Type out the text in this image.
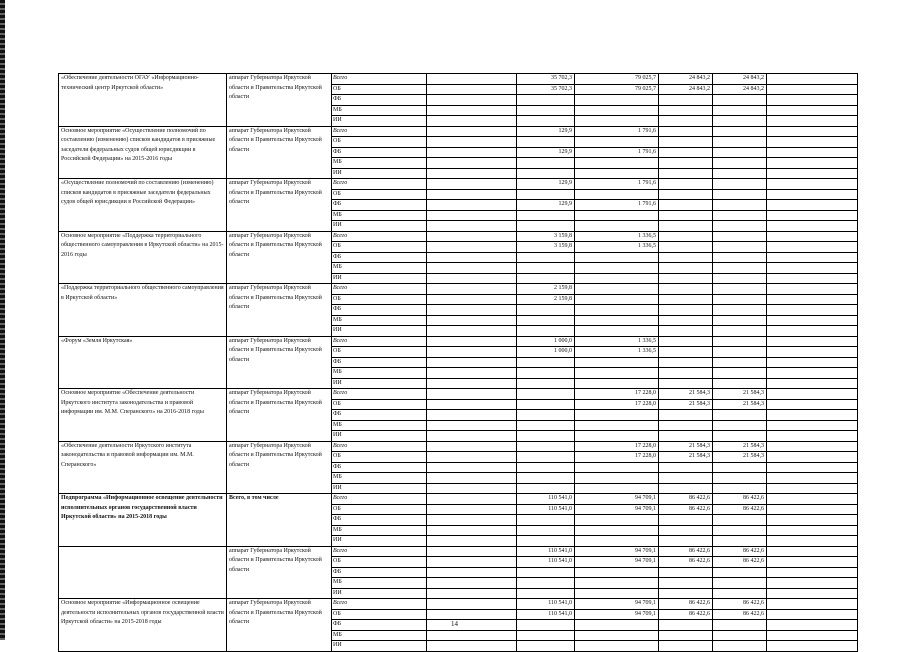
«Обеспечение деятельности ОГАУ «Информационно-технический центр Иркутской области»	аппарат Губернатора Иркутской области и Правительства Иркутской области	Всего		35 702,3	79 025,7	24 843,2	24 843,2	
		ОБ		35 702,3	79 025,7	24 843,2	24 843,2	
		ФБ						
		МБ						
		ИИ						
Основное мероприятие «Осуществление полномочий по составлению (изменению) списков кандидатов в присяжные заседатели федеральных судов общей юрисдикции в Российской Федерации» на 2015-2016 годы	аппарат Губернатора Иркутской области и Правительства Иркутской области	Всего		129,9	1 791,6			
		ОБ						
		ФБ		129,9	1 791,6			
		МБ						
		ИИ						
«Осуществление полномочий по составлению (изменению) списков кандидатов в присяжные заседатели федеральных судов общей юрисдикции в Российской Федерации»	аппарат Губернатора Иркутской области и Правительства Иркутской области	Всего		129,9	1 791,6			
		ОБ						
		ФБ		129,9	1 791,6			
		МБ						
		ИИ						
Основное мероприятие «Поддержка территориального общественного самоуправления в Иркутской области» на 2015-2016 годы	аппарат Губернатора Иркутской области и Правительства Иркутской области	Всего		3 159,8	1 336,5			
		ОБ		3 159,8	1 336,5			
		ФБ						
		МБ						
		ИИ						
«Поддержка территориального общественного самоуправления в Иркутской области»	аппарат Губернатора Иркутской области и Правительства Иркутской области	Всего		2 159,8				
		ОБ		2 159,8				
		ФБ						
		МБ						
		ИИ						
«Форум «Земля Иркутская»	аппарат Губернатора Иркутской области и Правительства Иркутской области	Всего		1 000,0	1 336,5			
		ОБ		1 000,0	1 336,5			
		ФБ						
		МБ						
		ИИ						
Основное мероприятие «Обеспечение деятельности Иркутского института законодательства и правовой информации им. М.М. Сперанского» на 2016-2018 годы	аппарат Губернатора Иркутской области и Правительства Иркутской области	Всего			17 228,0	21 584,3	21 584,3	
		ОБ			17 228,0	21 584,3	21 584,3	
		ФБ						
		МБ						
		ИИ						
«Обеспечение деятельности Иркутского института законодательства и правовой информации им. М.М. Сперанского»	аппарат Губернатора Иркутской области и Правительства Иркутской области	Всего			17 228,0	21 584,3	21 584,3	
		ОБ			17 228,0	21 584,3	21 584,3	
		ФБ						
		МБ						
		ИИ						
Подпрограмма «Информационное освещение деятельности исполнительных органов государственной власти Иркутской области» на 2015-2018 годы	Всего, в том числе	Всего		110 541,0	94 709,1	86 422,6	86 422,6	
		ОБ		110 541,0	94 709,1	86 422,6	86 422,6	
		ФБ						
		МБ						
		ИИ						
	аппарат Губернатора Иркутской области и Правительства Иркутской области	Всего		110 541,0	94 709,1	86 422,6	86 422,6	
		ОБ		110 541,0	94 709,1	86 422,6	86 422,6	
		ФБ						
		МБ						
		ИИ						
Основное мероприятие «Информационное освещение деятельности исполнительных органов государственной власти Иркутской области» на 2015-2018 годы	аппарат Губернатора Иркутской области и Правительства Иркутской области	Всего		110 541,0	94 709,1	86 422,6	86 422,6	
		ОБ		110 541,0	94 709,1	86 422,6	86 422,6	
		ФБ						
		МБ						
		ИИ						
14
